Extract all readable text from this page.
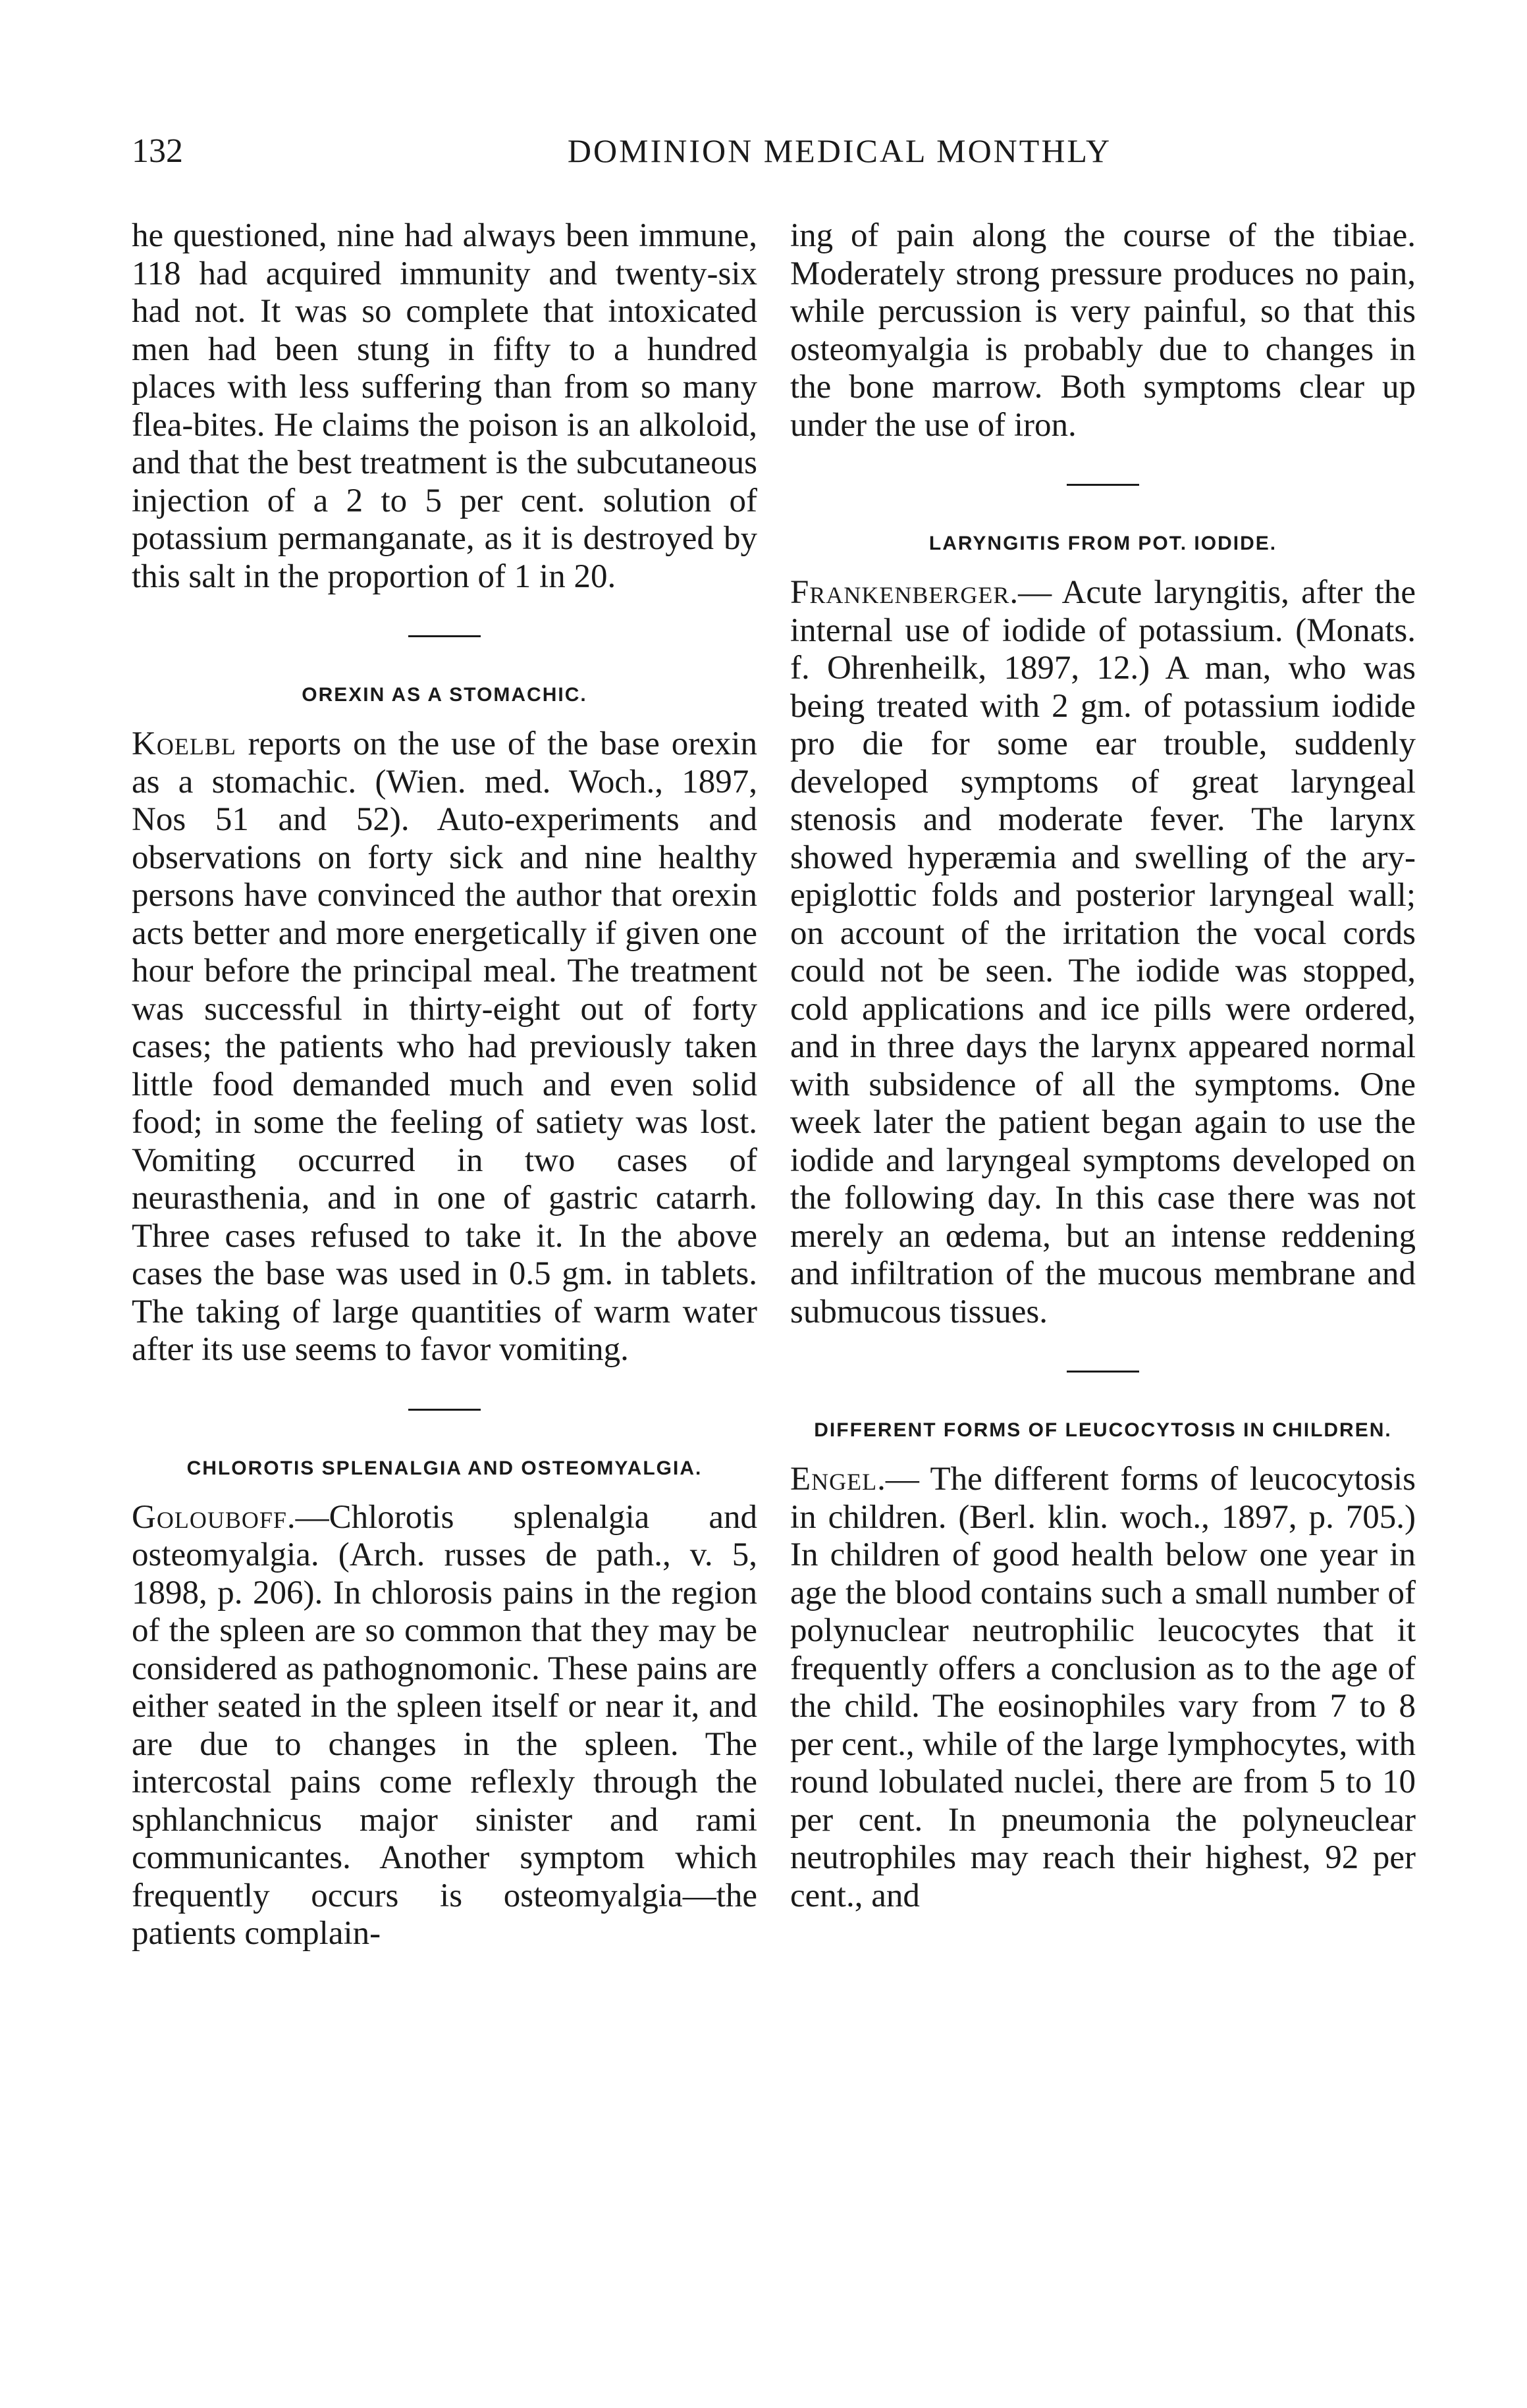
132	DOMINION MEDICAL MONTHLY

he questioned, nine had always been immune, 118 had acquired immunity and twenty-six had not. It was so complete that intoxicated men had been stung in fifty to a hundred places with less suffering than from so many flea-bites. He claims the poison is an alkoloid, and that the best treatment is the subcutaneous injection of a 2 to 5 per cent. solution of potassium permanganate, as it is destroyed by this salt in the proportion of 1 in 20.

OREXIN AS A STOMACHIC.

Koelbl reports on the use of the base orexin as a stomachic. (Wien. med. Woch., 1897, Nos 51 and 52). Auto-experiments and observations on forty sick and nine healthy persons have convinced the author that orexin acts better and more energetically if given one hour before the principal meal. The treatment was successful in thirty-eight out of forty cases; the patients who had previously taken little food demanded much and even solid food; in some the feeling of satiety was lost. Vomiting occurred in two cases of neurasthenia, and in one of gastric catarrh. Three cases refused to take it. In the above cases the base was used in 0.5 gm. in tablets. The taking of large quantities of warm water after its use seems to favor vomiting.

CHLOROTIS SPLENALGIA AND OSTEOMYALGIA.

Golouboff.—Chlorotis splenalgia and osteomyalgia. (Arch. russes de path., v. 5, 1898, p. 206). In chlorosis pains in the region of the spleen are so common that they may be considered as pathognomonic. These pains are either seated in the spleen itself or near it, and are due to changes in the spleen. The intercostal pains come reflexly through the sphlanchnicus major sinister and rami communicantes. Another symptom which frequently occurs is osteomyalgia—the patients complain-

ing of pain along the course of the tibiae. Moderately strong pressure produces no pain, while percussion is very painful, so that this osteomyalgia is probably due to changes in the bone marrow. Both symptoms clear up under the use of iron.

LARYNGITIS FROM POT. IODIDE.

Frankenberger.— Acute laryngitis, after the internal use of iodide of potassium. (Monats. f. Ohrenheilk, 1897, 12.) A man, who was being treated with 2 gm. of potassium iodide pro die for some ear trouble, suddenly developed symptoms of great laryngeal stenosis and moderate fever. The larynx showed hyperæmia and swelling of the ary-epiglottic folds and posterior laryngeal wall; on account of the irritation the vocal cords could not be seen. The iodide was stopped, cold applications and ice pills were ordered, and in three days the larynx appeared normal with subsidence of all the symptoms. One week later the patient began again to use the iodide and laryngeal symptoms developed on the following day. In this case there was not merely an œdema, but an intense reddening and infiltration of the mucous membrane and submucous tissues.

DIFFERENT FORMS OF LEUCOCYTOSIS IN CHILDREN.

Engel.— The different forms of leucocytosis in children. (Berl. klin. woch., 1897, p. 705.) In children of good health below one year in age the blood contains such a small number of polynuclear neutrophilic leucocytes that it frequently offers a conclusion as to the age of the child. The eosinophiles vary from 7 to 8 per cent., while of the large lymphocytes, with round lobulated nuclei, there are from 5 to 10 per cent. In pneumonia the polyneuclear neutrophiles may reach their highest, 92 per cent., and
